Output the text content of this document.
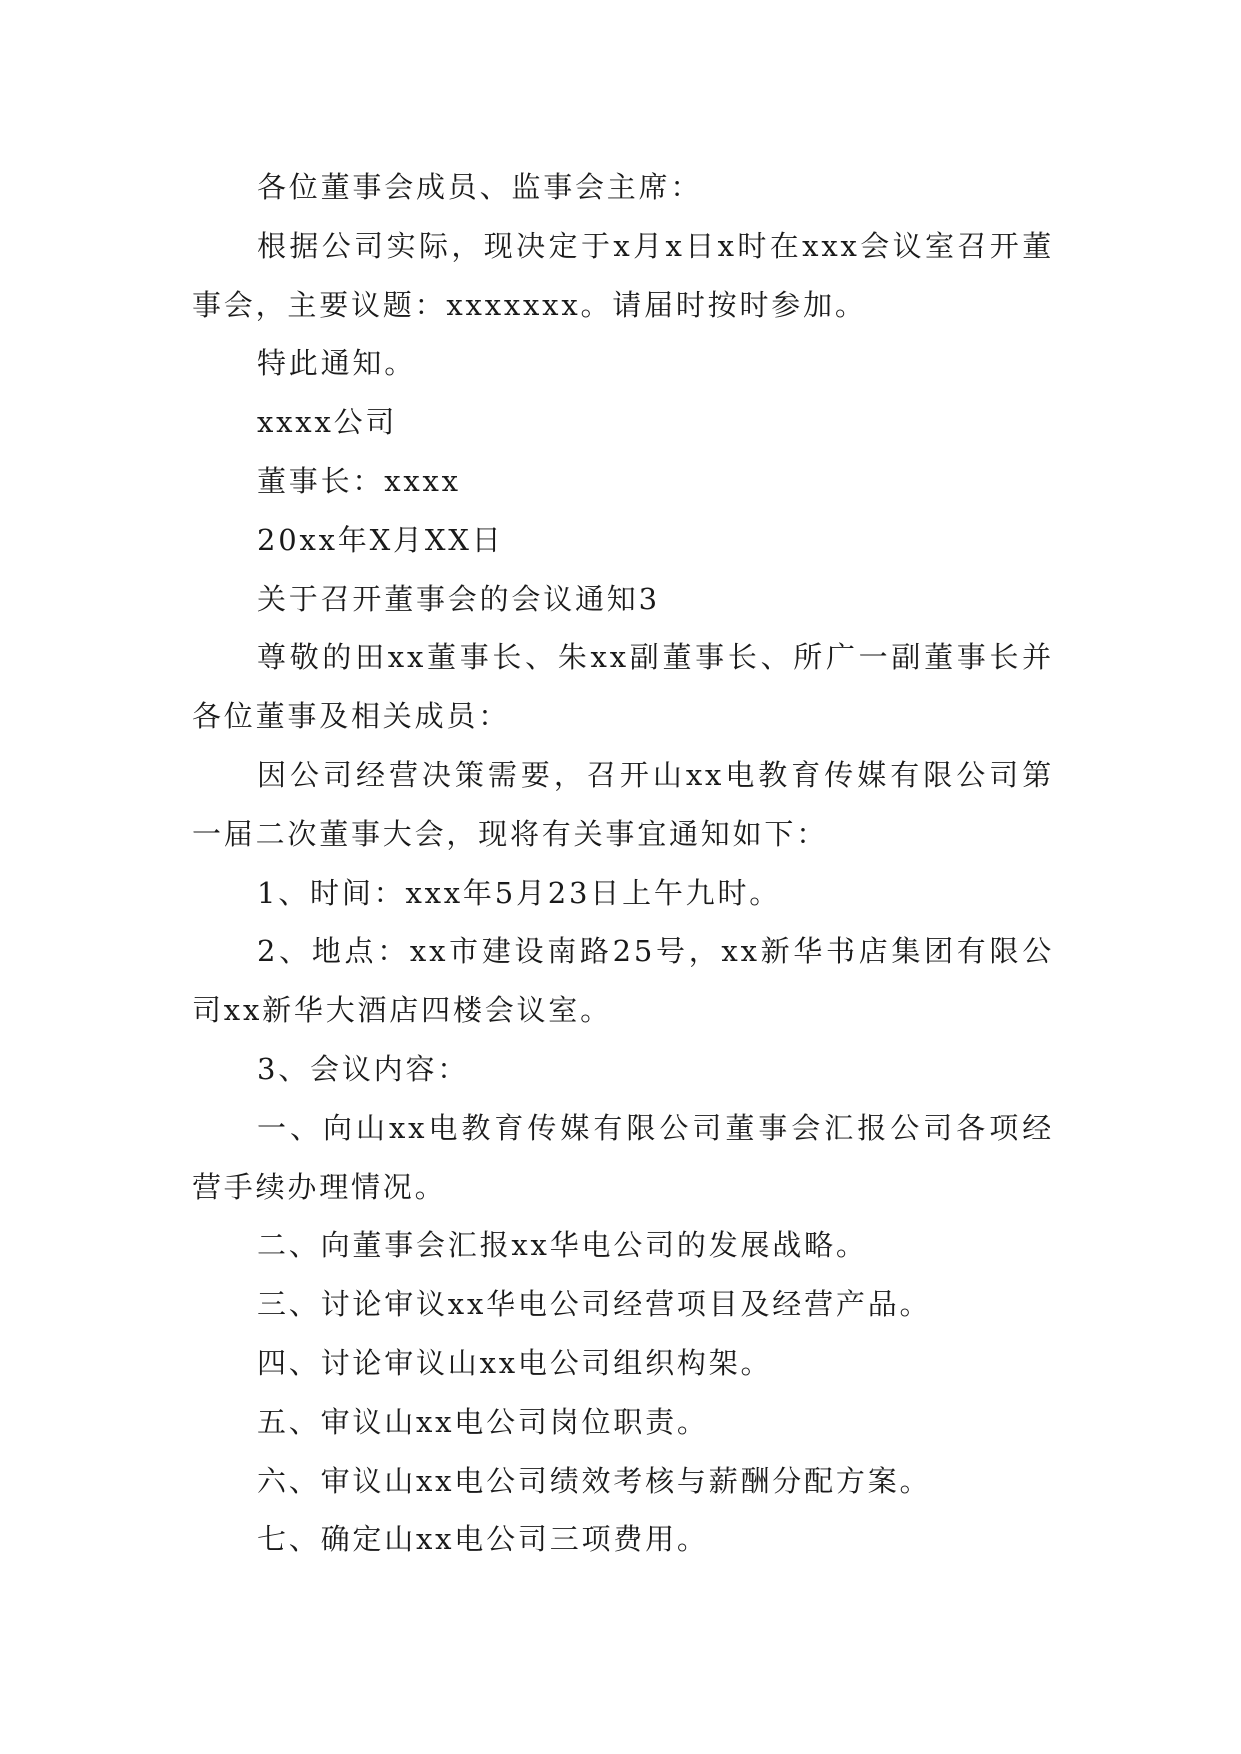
各位董事会成员、监事会主席：

根据公司实际，现决定于x月x日x时在xxx会议室召开董事会，主要议题：xxxxxxx。请届时按时参加。

特此通知。

xxxx公司

董事长：xxxx

20xx年X月XX日

关于召开董事会的会议通知3

尊敬的田xx董事长、朱xx副董事长、所广一副董事长并各位董事及相关成员：

因公司经营决策需要，召开山xx电教育传媒有限公司第一届二次董事大会，现将有关事宜通知如下：

1、时间：xxx年5月23日上午九时。

2、地点：xx市建设南路25号，xx新华书店集团有限公司xx新华大酒店四楼会议室。

3、会议内容：

一、向山xx电教育传媒有限公司董事会汇报公司各项经营手续办理情况。

二、向董事会汇报xx华电公司的发展战略。

三、讨论审议xx华电公司经营项目及经营产品。

四、讨论审议山xx电公司组织构架。

五、审议山xx电公司岗位职责。

六、审议山xx电公司绩效考核与薪酬分配方案。

七、确定山xx电公司三项费用。
